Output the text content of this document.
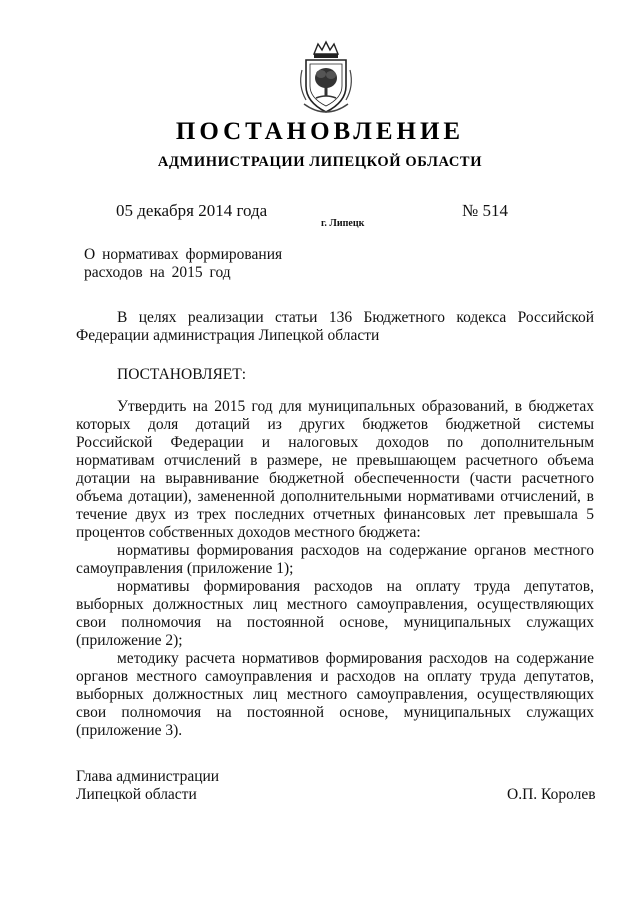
ПОСТАНОВЛЕНИЕ
АДМИНИСТРАЦИИ ЛИПЕЦКОЙ ОБЛАСТИ
05 декабря 2014 года
г. Липецк
№ 514
О нормативах формирования
расходов на 2015 год
В целях реализации статьи 136 Бюджетного кодекса Российской
Федерации администрация Липецкой области
ПОСТАНОВЛЯЕТ:
Утвердить на 2015 год для муниципальных образований, в бюджетах
которых доля дотаций из других бюджетов бюджетной системы
Российской Федерации и налоговых доходов по дополнительным
нормативам отчислений в размере, не превышающем расчетного объема
дотации на выравнивание бюджетной обеспеченности (части расчетного
объема дотации), замененной дополнительными нормативами отчислений, в
течение двух из трех последних отчетных финансовых лет превышала 5
процентов собственных доходов местного бюджета:
нормативы формирования расходов на содержание органов местного
самоуправления (приложение 1);
нормативы формирования расходов на оплату труда депутатов,
выборных должностных лиц местного самоуправления, осуществляющих
свои полномочия на постоянной основе, муниципальных служащих
(приложение 2);
методику расчета нормативов формирования расходов на содержание
органов местного самоуправления и расходов на оплату труда депутатов,
выборных должностных лиц местного самоуправления, осуществляющих
свои полномочия на постоянной основе, муниципальных служащих
(приложение 3).
Глава администрации
Липецкой области	О.П. Королев
